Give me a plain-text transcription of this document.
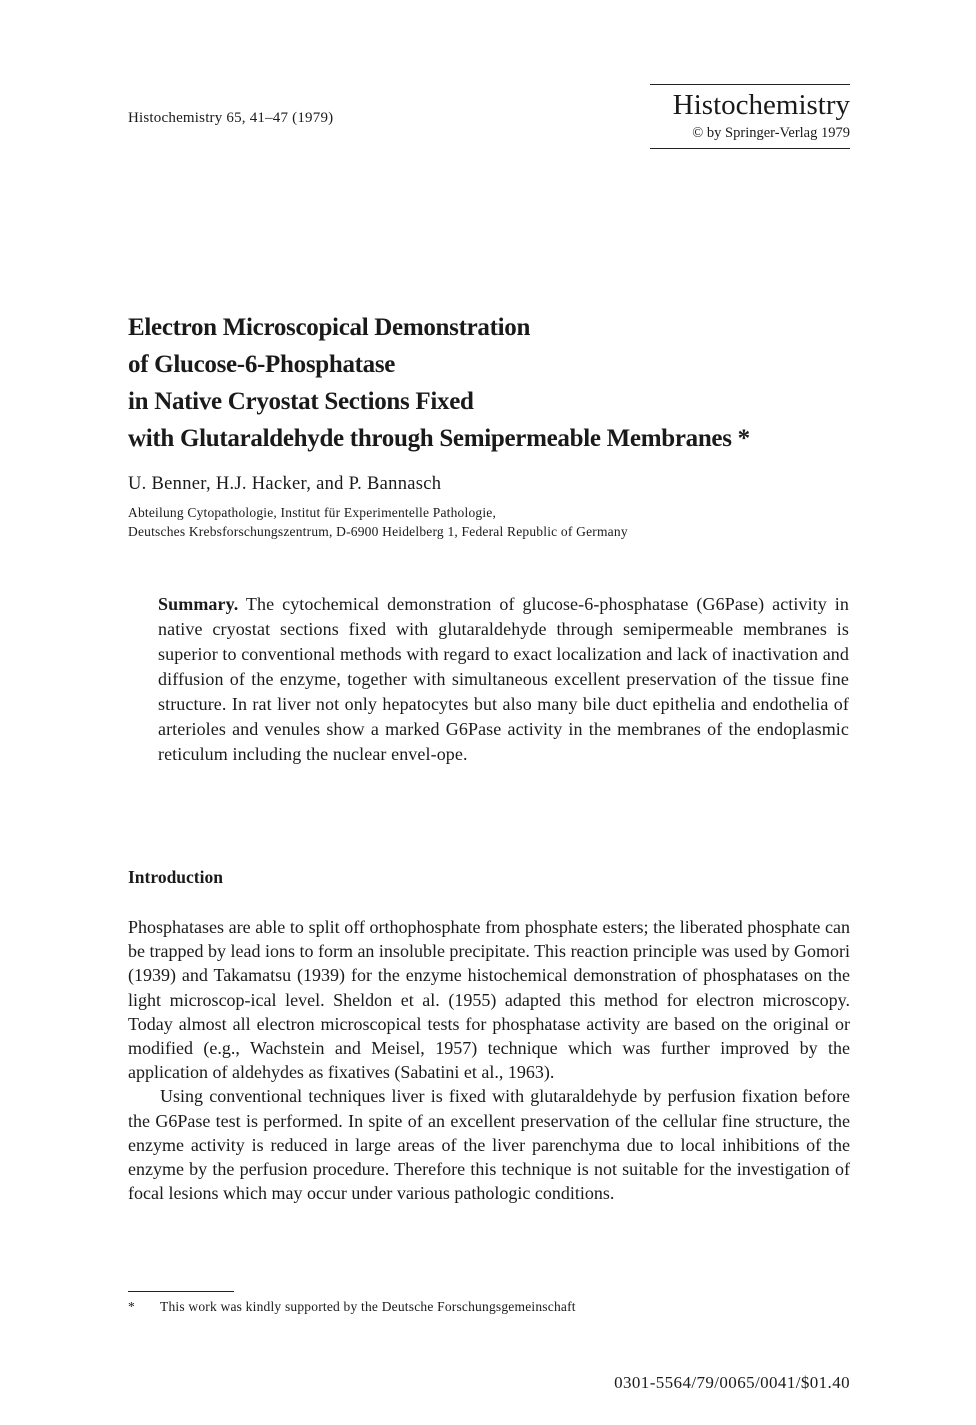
Histochemistry 65, 41–47 (1979)	Histochemistry
© by Springer-Verlag 1979
Electron Microscopical Demonstration
of Glucose-6-Phosphatase
in Native Cryostat Sections Fixed
with Glutaraldehyde through Semipermeable Membranes *
U. Benner, H.J. Hacker, and P. Bannasch
Abteilung Cytopathologie, Institut für Experimentelle Pathologie,
Deutsches Krebsforschungszentrum, D-6900 Heidelberg 1, Federal Republic of Germany
Summary. The cytochemical demonstration of glucose-6-phosphatase (G6Pase) activity in native cryostat sections fixed with glutaraldehyde through semipermeable membranes is superior to conventional methods with regard to exact localization and lack of inactivation and diffusion of the enzyme, together with simultaneous excellent preservation of the tissue fine structure. In rat liver not only hepatocytes but also many bile duct epithelia and endothelia of arterioles and venules show a marked G6Pase activity in the membranes of the endoplasmic reticulum including the nuclear envel-ope.
Introduction

Phosphatases are able to split off orthophosphate from phosphate esters; the liberated phosphate can be trapped by lead ions to form an insoluble precipitate. This reaction principle was used by Gomori (1939) and Takamatsu (1939) for the enzyme histochemical demonstration of phosphatases on the light microscop-ical level. Sheldon et al. (1955) adapted this method for electron microscopy. Today almost all electron microscopical tests for phosphatase activity are based on the original or modified (e.g., Wachstein and Meisel, 1957) technique which was further improved by the application of aldehydes as fixatives (Sabatini et al., 1963).

Using conventional techniques liver is fixed with glutaraldehyde by perfusion fixation before the G6Pase test is performed. In spite of an excellent preservation of the cellular fine structure, the enzyme activity is reduced in large areas of the liver parenchyma due to local inhibitions of the enzyme by the perfusion procedure. Therefore this technique is not suitable for the investigation of focal lesions which may occur under various pathologic conditions.

* This work was kindly supported by the Deutsche Forschungsgemeinschaft
0301-5564/79/0065/0041/$01.40
